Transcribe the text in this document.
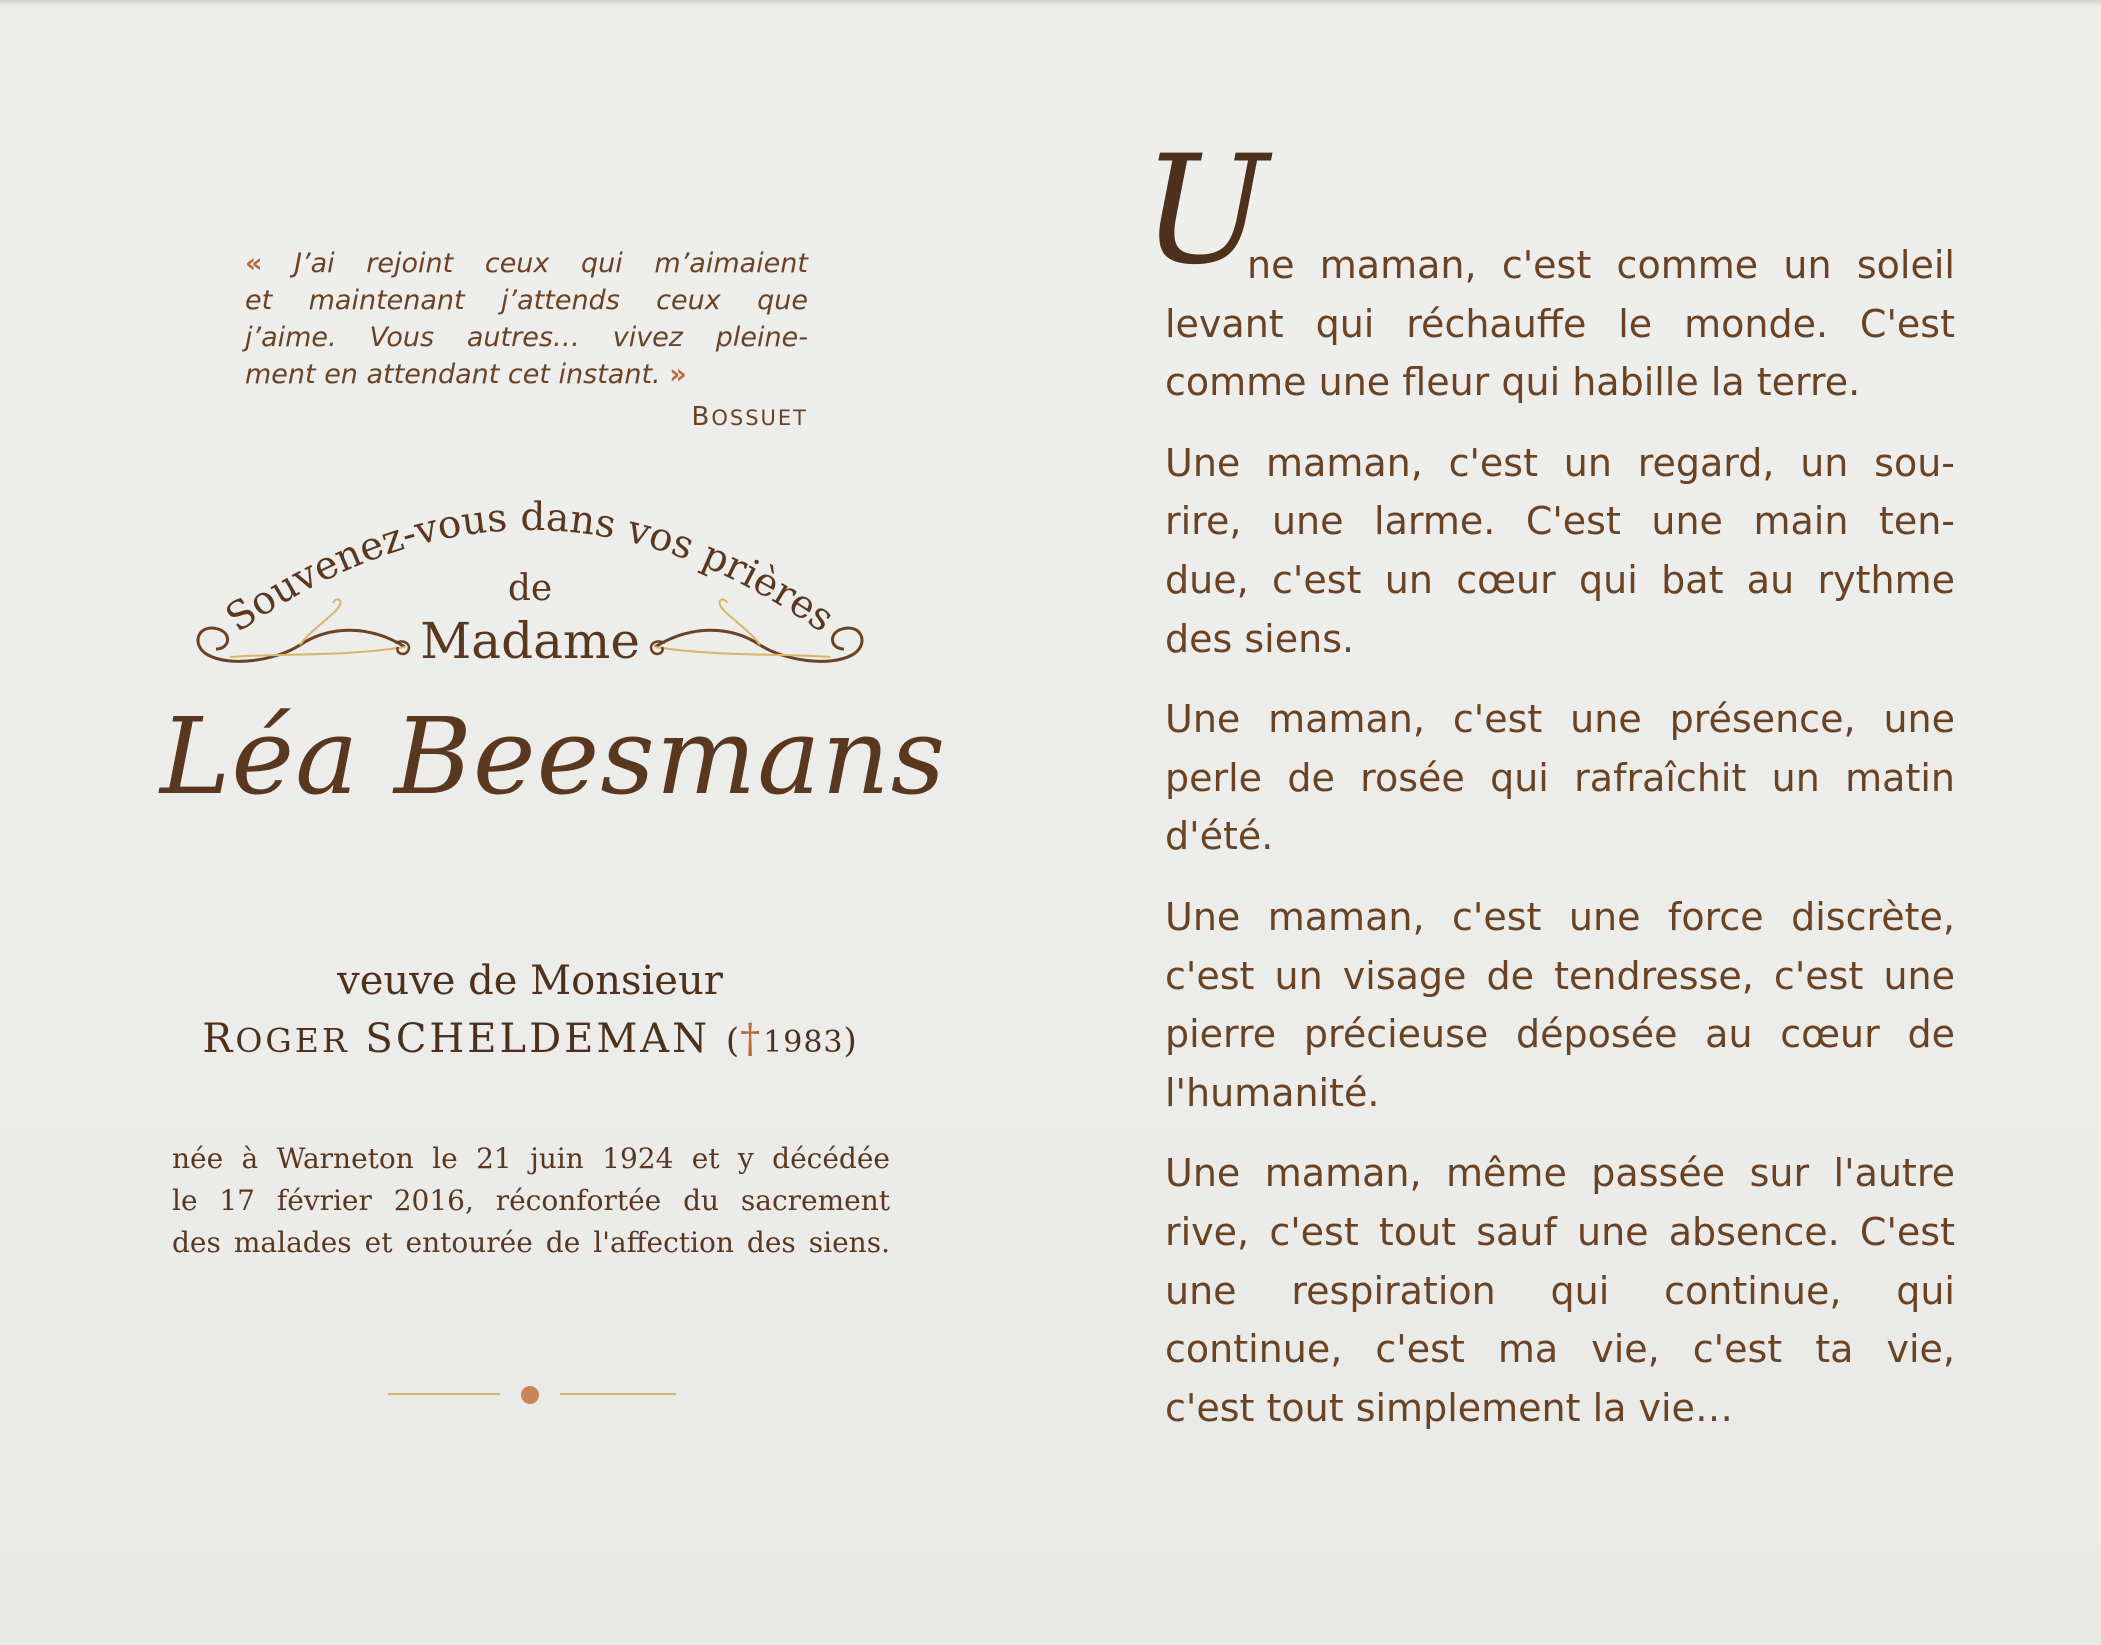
« J’ai rejoint ceux qui m’aimaient
et maintenant j’attends ceux que
j’aime. Vous autres… vivez pleine-
ment en attendant cet instant. »
BOSSUET
Souvenez-vous dans vos prières
de
Madame
Léa Beesmans
veuve de Monsieur
ROGER SCHELDEMAN (†1983)
née à Warneton le 21 juin 1924 et y décédée
le 17 février 2016, réconfortée du sacrement
des malades et entourée de l'affection des siens.
U
ne maman, c'est comme un soleil
levant qui réchauffe le monde. C'est
comme une fleur qui habille la terre.
Une maman, c'est un regard, un sou-
rire, une larme. C'est une main ten-
due, c'est un cœur qui bat au rythme
des siens.
Une maman, c'est une présence, une
perle de rosée qui rafraîchit un matin
d'été.
Une maman, c'est une force discrète,
c'est un visage de tendresse, c'est une
pierre précieuse déposée au cœur de
l'humanité.
Une maman, même passée sur l'autre
rive, c'est tout sauf une absence. C'est
une respiration qui continue, qui
continue, c'est ma vie, c'est ta vie,
c'est tout simplement la vie…
